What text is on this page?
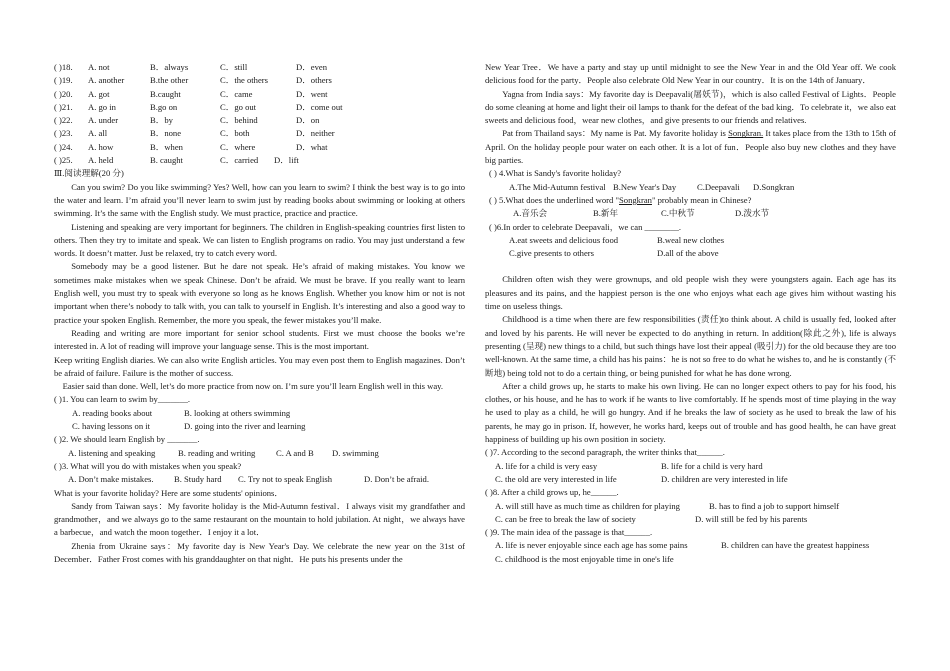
( )18.	A. not	B．always	C．still	D．even
( )19.	A. another	B.the other	C．the others	D．others
( )20.	A. got	B.caught	C．came	D．went
( )21.	A. go in	B.go on	C．go out	D．come out
( )22.	A. under	B．by	C．behind	D．on
( )23.	A. all	B．none	C．both	D．neither
( )24.	A. how	B．when	C．where	D．what
( )25.	A. held	B. caught	C．carried	D．lift
Ⅲ.阅读理解(20 分)

Can you swim? Do you like swimming? Yes? Well, how can you learn to swim? I think the best way is to go into the water and learn. I’m afraid you’ll never learn to swim just by reading books about swimming or looking at others swimming. It’s the same with the English study. We must practice, practice and practice.

Listening and speaking are very important for beginners. The children in English-speaking countries first listen to others. Then they try to imitate and speak. We can listen to English programs on radio. You may just understand a few words. It doesn’t matter. Just be relaxed, try to catch every word.

Somebody may be a good listener. But he dare not speak. He’s afraid of making mistakes. You know we sometimes make mistakes when we speak Chinese. Don’t be afraid. We must be brave. If you really want to learn English well, you must try to speak with everyone so long as he knows English. Whether you know him or not is not important when there’s nobody to talk with, you can talk to yourself in English. It’s interesting and also a good way to practice your spoken English. Remember, the more you speak, the fewer mistakes you’ll make.

Reading and writing are more important for senior school students. First we must choose the books we’re interested in. A lot of reading will improve your language sense. This is the most important.

Keep writing English diaries. We can also write English articles. You may even post them to English magazines. Don’t be afraid of failure. Failure is the mother of success.

Easier said than done. Well, let’s do more practice from now on. I’m sure you’ll learn English well in this way.

( )1. You can learn to swim by_______.
A. reading books about	B. looking at others swimming
C. having lessons on it	D. going into the river and learning
( )2. We should learn English by _______.
A. listening and speaking	B. reading and writing C. A and B D. swimming
( )3. What will you do with mistakes when you speak?
A. Don’t make mistakes. B. Study hard C. Try not to speak English	D. Don’t be afraid.
What is your favorite holiday? Here are some students' opinions．

Sandy from Taiwan says：My favorite holiday is the Mid-Autumn festival．I always visit my grandfather and grandmother，and we always go to the same restaurant on the mountain to hold jubilation. At night，we always have a barbecue，and watch the moon together．I enjoy it a lot．

Zhenia from Ukraine says：My favorite day is New Year's Day. We celebrate the new year on the 31st of December．Father Frost comes with his granddaughter on that night．He puts his presents under the

New Year Tree．We have a party and stay up until midnight to see the New Year in and the Old Year off. We cook delicious food for the party．People also celebrate Old New Year in our country．It is on the 14th of January．

Yagna from India says：My favorite day is Deepavali(屠妖节)，which is also called Festival of Lights．People do some cleaning at home and light their oil lamps to thank for the defeat of the bad king．To celebrate it，we also eat sweets and delicious food，wear new clothes，and give presents to our friends and relatives.

Pat from Thailand says：My name is Pat. My favorite holiday is Songkran. It takes place from the 13th to 15th of April. On the holiday people pour water on each other. It is a lot of fun．People also buy new clothes and they have big parties.

( ) 4.What is Sandy's favorite holiday?
A.The Mid-Autumn festival B.New Year's Day C.Deepavali D.Songkran
( ) 5.What does the underlined word "Songkran" probably mean in Chinese?
A.音乐会	B.新年	C.中秋节	D.泼水节
( )6.In order to celebrate Deepavali，we can ________.
A.eat sweets and delicious food	B.weal new clothes
C.give presents to others	D.all of the above

Children often wish they were grownups, and old people wish they were youngsters again. Each age has its pleasures and its pains, and the happiest person is the one who enjoys what each age gives him without wasting his time on useless things.

Childhood is a time when there are few responsibilities (责任)to think about. A child is usually fed, looked after and loved by his parents. He will never be expected to do anything in return. In addition(除此之外), life is always presenting (呈现) new things to a child, but such things have lost their appeal (吸引力) for the old because they are too well-known. At the same time, a child has his pains：he is not so free to do what he wishes to, and he is constantly (不断地) being told not to do a certain thing, or being punished for what he has done wrong.

After a child grows up, he starts to make his own living. He can no longer expect others to pay for his food, his clothes, or his house, and he has to work if he wants to live comfortably. If he spends most of time playing in the way he used to play as a child, he will go hungry. And if he breaks the law of society as he used to break the law of his parents, he may go in prison. If, however, he works hard, keeps out of trouble and has good health, he can have great happiness of building up his own position in society.

( )7. According to the second paragraph, the writer thinks that______.
A. life for a child is very easy	B. life for a child is very hard
C. the old are very interested in life	D. children are very interested in life
( )8. After a child grows up, he______.
A. will still have as much time as children for playing	B. has to find a job to support himself
C. can be free to break the law of society	D. will still be fed by his parents
( )9. The main idea of the passage is that______.
A. life is never enjoyable since each age has some pains	B. children can have the greatest happiness
C. childhood is the most enjoyable time in one's life
